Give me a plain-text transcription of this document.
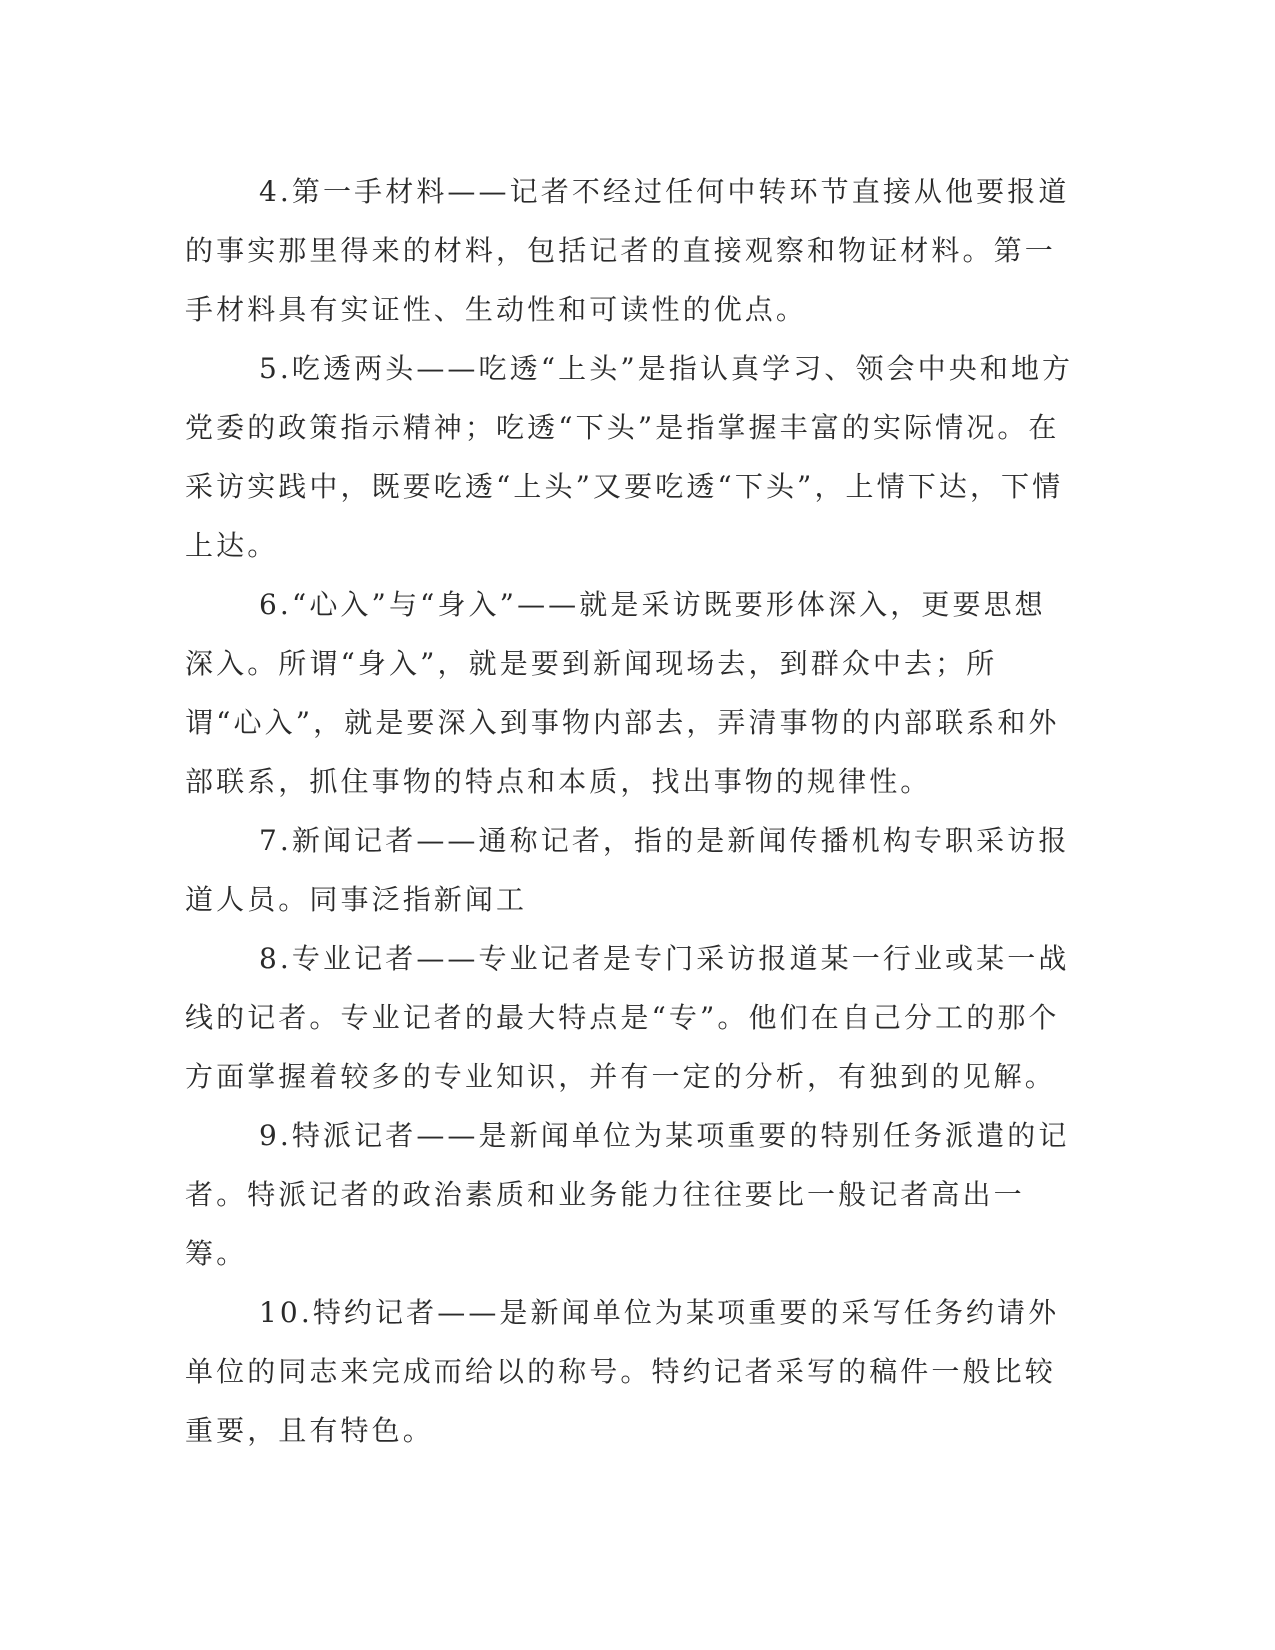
4.第一手材料——记者不经过任何中转环节直接从他要报道的事实那里得来的材料，包括记者的直接观察和物证材料。第一手材料具有实证性、生动性和可读性的优点。

5.吃透两头——吃透“上头”是指认真学习、领会中央和地方党委的政策指示精神；吃透“下头”是指掌握丰富的实际情况。在采访实践中，既要吃透“上头”又要吃透“下头”，上情下达，下情上达。

6.“心入”与“身入”——就是采访既要形体深入，更要思想深入。所谓“身入”，就是要到新闻现场去，到群众中去；所谓“心入”，就是要深入到事物内部去，弄清事物的内部联系和外部联系，抓住事物的特点和本质，找出事物的规律性。

7.新闻记者——通称记者，指的是新闻传播机构专职采访报道人员。同事泛指新闻工

8.专业记者——专业记者是专门采访报道某一行业或某一战线的记者。专业记者的最大特点是“专”。他们在自己分工的那个方面掌握着较多的专业知识，并有一定的分析，有独到的见解。

9.特派记者——是新闻单位为某项重要的特别任务派遣的记者。特派记者的政治素质和业务能力往往要比一般记者高出一筹。

10.特约记者——是新闻单位为某项重要的采写任务约请外单位的同志来完成而给以的称号。特约记者采写的稿件一般比较重要，且有特色。
